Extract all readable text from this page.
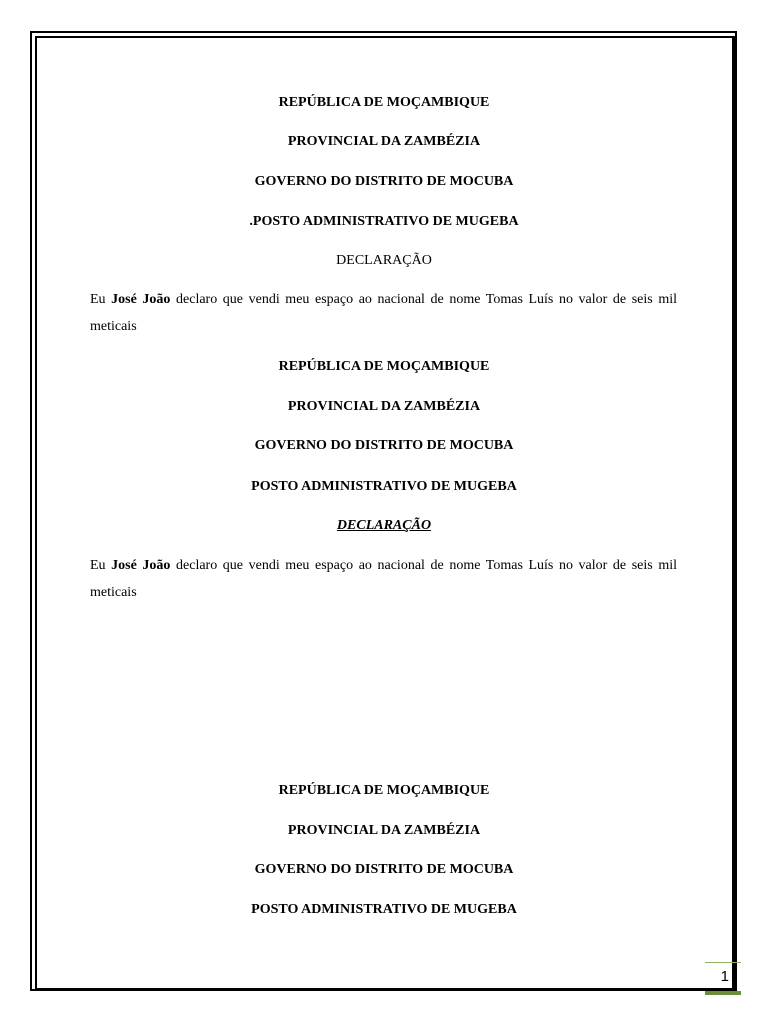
REPÚBLICA DE MOÇAMBIQUE
PROVINCIAL DA ZAMBÉZIA
GOVERNO DO DISTRITO DE MOCUBA
.POSTO ADMINISTRATIVO DE MUGEBA
DECLARAÇÃO
Eu José João declaro que vendi meu espaço ao nacional de nome Tomas Luís no valor de seis mil meticais
REPÚBLICA DE MOÇAMBIQUE
PROVINCIAL DA ZAMBÉZIA
GOVERNO DO DISTRITO DE MOCUBA
POSTO ADMINISTRATIVO DE MUGEBA
DECLARAÇÃO
Eu José João declaro que vendi meu espaço ao nacional de nome Tomas Luís no valor de seis mil meticais
REPÚBLICA DE MOÇAMBIQUE
PROVINCIAL DA ZAMBÉZIA
GOVERNO DO DISTRITO DE MOCUBA
POSTO ADMINISTRATIVO DE MUGEBA
1
